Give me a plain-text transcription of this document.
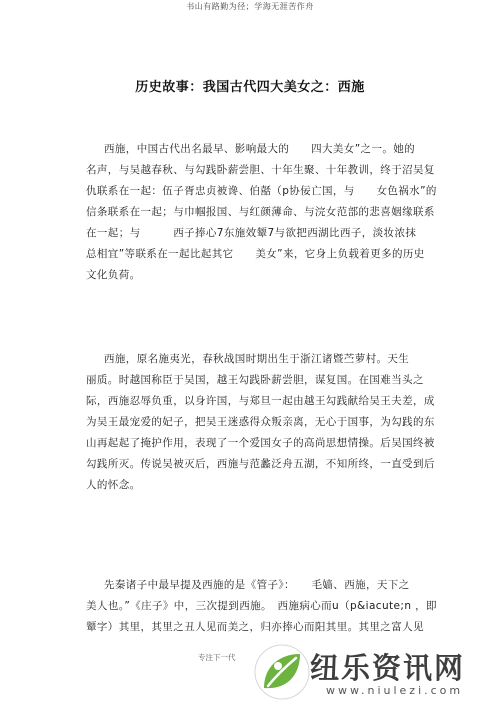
书山有路勤为径；学海无涯苦作舟
历史故事：我国古代四大美女之：西施
西施，中国古代出名最早、影响最大的　　四大美女”之一。她的
名声，与吴越春秋、与勾践卧薪尝胆、十年生聚、十年教训，终于沼吴复
仇联系在一起：伍子胥忠贞被谗、伯嚭（p协佞亡国，与　　女色祸水”的
信条联系在一起；与巾帼报国、与红颜薄命、与浣女范部的悲喜姻缘联系
在一起；与　　　西子捧心7东施效颦7与欲把西湖比西子，淡妆浓抹
总相宜”等联系在一起比起其它　　美女”来，它身上负载着更多的历史
文化负荷。
西施，原名施夷光，春秋战国时期出生于浙江诸暨苎萝村。天生
丽质。时越国称臣于吴国，越王勾践卧薪尝胆，谋复国。在国难当头之
际，西施忍辱负重，以身许国，与郑旦一起由越王勾践献给吴王夫差，成
为吴王最宠爱的妃子，把吴王迷惑得众叛亲离，无心于国事，为勾践的东
山再起起了掩护作用，表现了一个爱国女子的高尚思想情操。后吴国终被
勾践所灭。传说吴被灭后，西施与范蠡泛舟五湖，不知所终，一直受到后
人的怀念。
先秦诸子中最早提及西施的是《管子》：　　毛嫱、西施，天下之
美人也。”《庄子》中，三次提到西施。　西施病心而u（p&iacute;n ，即
颦字）其里，其里之丑人见而美之，归亦捧心而阳其里。其里之富人见
专注下一代	纽乐资讯网
www.niulezi.com
